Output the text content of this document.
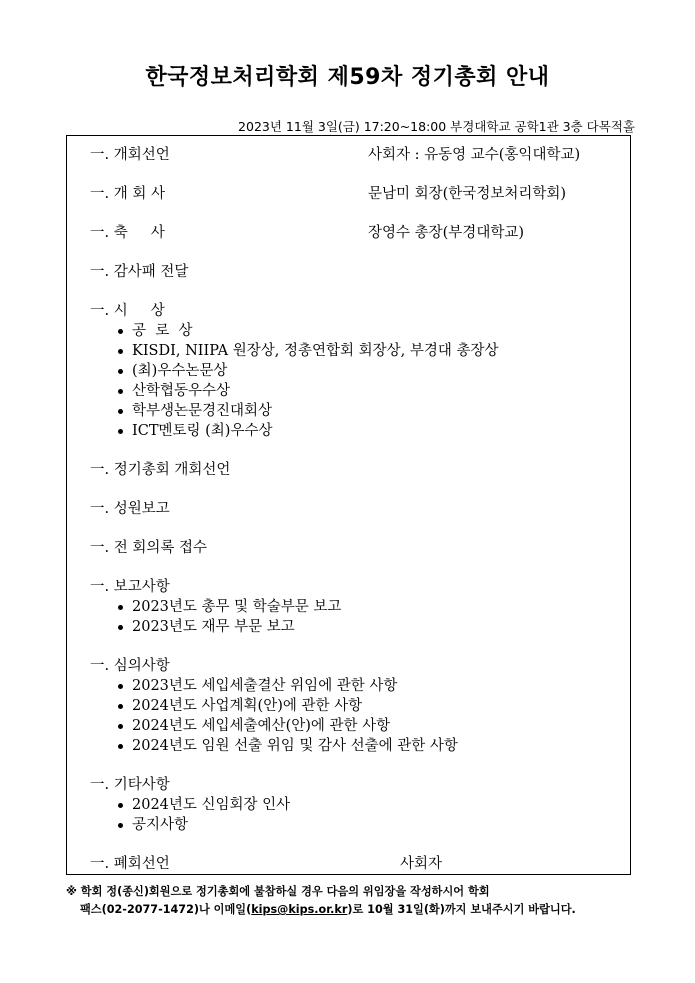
한국정보처리학회 제59차 정기총회 안내
2023년 11월 3일(금) 17:20~18:00 부경대학교 공학1관 3층 다목적홀
一. 개회선언	사회자 : 유동영 교수(홍익대학교)
一. 개 회 사	문남미 회장(한국정보처리학회)
一. 축     사	장영수 총장(부경대학교)
一. 감사패 전달
一. 시     상
공  로  상
KISDI, NIIPA 원장상, 정총연합회 회장상, 부경대 총장상
(최)우수논문상
산학협동우수상
학부생논문경진대회상
ICT멘토링 (최)우수상
一. 정기총회 개회선언
一. 성원보고
一. 전 회의록 접수
一. 보고사항
2023년도 총무 및 학술부문 보고
2023년도 재무 부문 보고
一. 심의사항
2023년도 세입세출결산 위임에 관한 사항
2024년도 사업계획(안)에 관한 사항
2024년도 세입세출예산(안)에 관한 사항
2024년도 임원 선출 위임 및 감사 선출에 관한 사항
一. 기타사항
2024년도 신임회장 인사
공지사항
一. 폐회선언	사회자
※ 학회 정(종신)회원으로 정기총회에 불참하실 경우 다음의 위임장을 작성하시어 학회
팩스(02-2077-1472)나 이메일(kips@kips.or.kr)로 10월 31일(화)까지 보내주시기 바랍니다.
